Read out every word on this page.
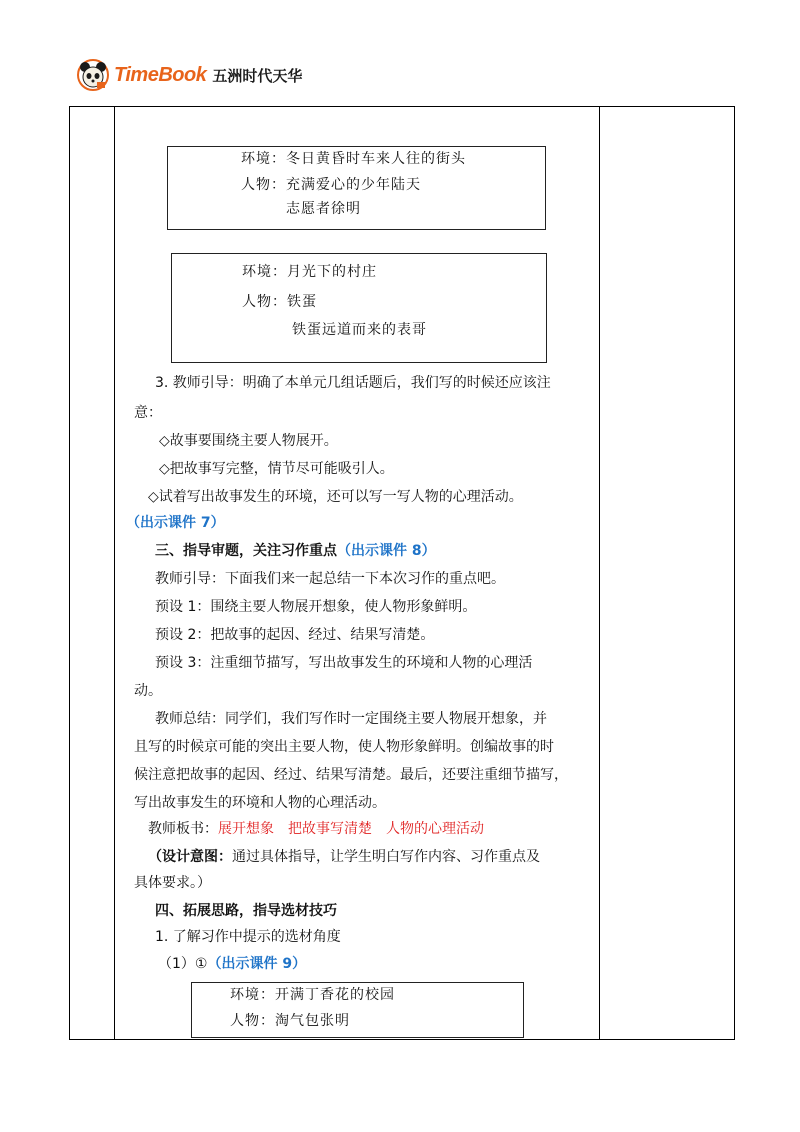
TimeBook 五洲时代天华
环境：冬日黄昏时车来人往的街头
人物：充满爱心的少年陆天
志愿者徐明
环境：月光下的村庄
人物：铁蛋
铁蛋远道而来的表哥
3. 教师引导：明确了本单元几组话题后，我们写的时候还应该注
意：
◇故事要围绕主要人物展开。
◇把故事写完整，情节尽可能吸引人。
◇试着写出故事发生的环境，还可以写一写人物的心理活动。
（出示课件 7）
三、指导审题，关注习作重点（出示课件 8）
教师引导：下面我们来一起总结一下本次习作的重点吧。
预设 1：围绕主要人物展开想象，使人物形象鲜明。
预设 2：把故事的起因、经过、结果写清楚。
预设 3：注重细节描写，写出故事发生的环境和人物的心理活
动。
教师总结：同学们，我们写作时一定围绕主要人物展开想象，并
且写的时候京可能的突出主要人物，使人物形象鲜明。创编故事的时
候注意把故事的起因、经过、结果写清楚。最后，还要注重细节描写，
写出故事发生的环境和人物的心理活动。
教师板书：展开想象　把故事写清楚　人物的心理活动
（设计意图：通过具体指导，让学生明白写作内容、习作重点及
具体要求。）
四、拓展思路，指导选材技巧
1. 了解习作中提示的选材角度
（1）①（出示课件 9）
环境：开满丁香花的校园
人物：淘气包张明
